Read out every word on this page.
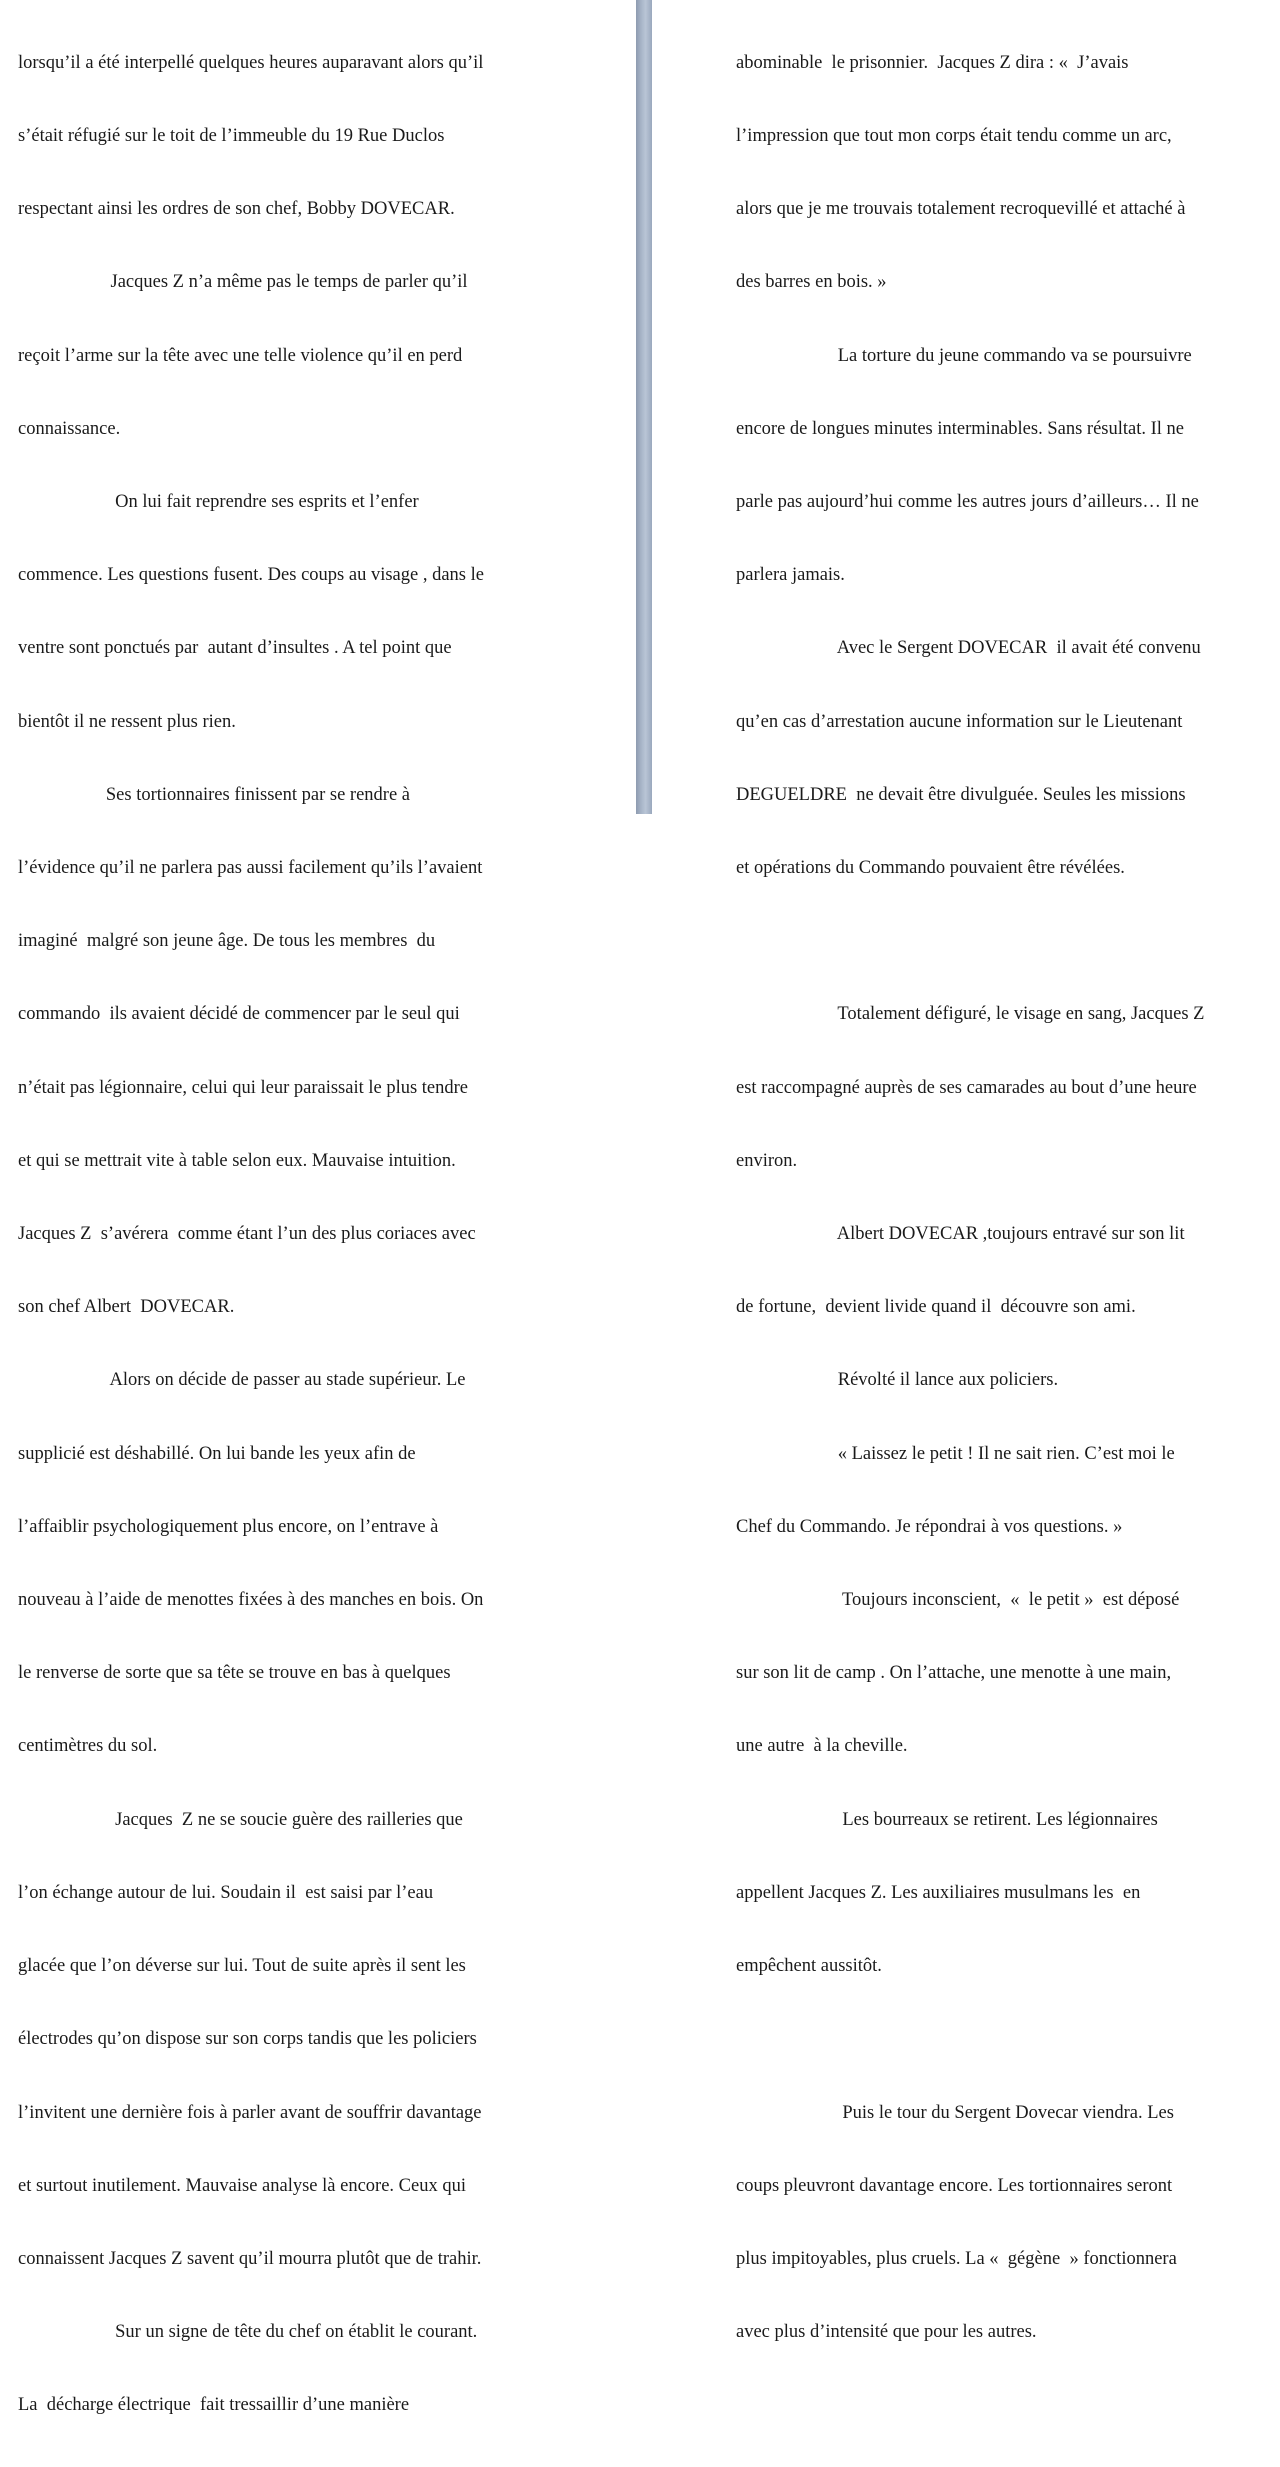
lorsqu’il a été interpellé quelques heures auparavant alors qu’il

s’était réfugié sur le toit de l’immeuble du 19 Rue Duclos

respectant ainsi les ordres de son chef, Bobby DOVECAR.

Jacques Z n’a même pas le temps de parler qu’il

reçoit l’arme sur la tête avec une telle violence qu’il en perd

connaissance.

On lui fait reprendre ses esprits et l’enfer

commence. Les questions fusent. Des coups au visage , dans le

ventre sont ponctués par  autant d’insultes . A tel point que

bientôt il ne ressent plus rien.

Ses tortionnaires finissent par se rendre à

l’évidence qu’il ne parlera pas aussi facilement qu’ils l’avaient

imaginé  malgré son jeune âge. De tous les membres  du

commando  ils avaient décidé de commencer par le seul qui

n’était pas légionnaire, celui qui leur paraissait le plus tendre

et qui se mettrait vite à table selon eux. Mauvaise intuition.

Jacques Z  s’avérera  comme étant l’un des plus coriaces avec

son chef Albert  DOVECAR.

Alors on décide de passer au stade supérieur. Le

supplicié est déshabillé. On lui bande les yeux afin de

l’affaiblir psychologiquement plus encore, on l’entrave à

nouveau à l’aide de menottes fixées à des manches en bois. On

le renverse de sorte que sa tête se trouve en bas à quelques

centimètres du sol.

Jacques  Z ne se soucie guère des railleries que

l’on échange autour de lui. Soudain il  est saisi par l’eau

glacée que l’on déverse sur lui. Tout de suite après il sent les

électrodes qu’on dispose sur son corps tandis que les policiers

l’invitent une dernière fois à parler avant de souffrir davantage

et surtout inutilement. Mauvaise analyse là encore. Ceux qui

connaissent Jacques Z savent qu’il mourra plutôt que de trahir.

Sur un signe de tête du chef on établit le courant.

La  décharge électrique  fait tressaillir d’une manière

abominable  le prisonnier.  Jacques Z dira : «  J’avais

l’impression que tout mon corps était tendu comme un arc,

alors que je me trouvais totalement recroquevillé et attaché à

des barres en bois. »

La torture du jeune commando va se poursuivre

encore de longues minutes interminables. Sans résultat. Il ne

parle pas aujourd’hui comme les autres jours d’ailleurs… Il ne

parlera jamais.

Avec le Sergent DOVECAR  il avait été convenu

qu’en cas d’arrestation aucune information sur le Lieutenant

DEGUELDRE  ne devait être divulguée. Seules les missions

et opérations du Commando pouvaient être révélées.

Totalement défiguré, le visage en sang, Jacques Z

est raccompagné auprès de ses camarades au bout d’une heure

environ.

Albert DOVECAR ,toujours entravé sur son lit

de fortune,  devient livide quand il  découvre son ami.

Révolté il lance aux policiers.

« Laissez le petit ! Il ne sait rien. C’est moi le

Chef du Commando. Je répondrai à vos questions. »

Toujours inconscient,  «  le petit »  est déposé

sur son lit de camp . On l’attache, une menotte à une main,

une autre  à la cheville.

Les bourreaux se retirent. Les légionnaires

appellent Jacques Z. Les auxiliaires musulmans les  en

empêchent aussitôt.

Puis le tour du Sergent Dovecar viendra. Les

coups pleuvront davantage encore. Les tortionnaires seront

plus impitoyables, plus cruels. La «  gégène  » fonctionnera

avec plus d’intensité que pour les autres.
